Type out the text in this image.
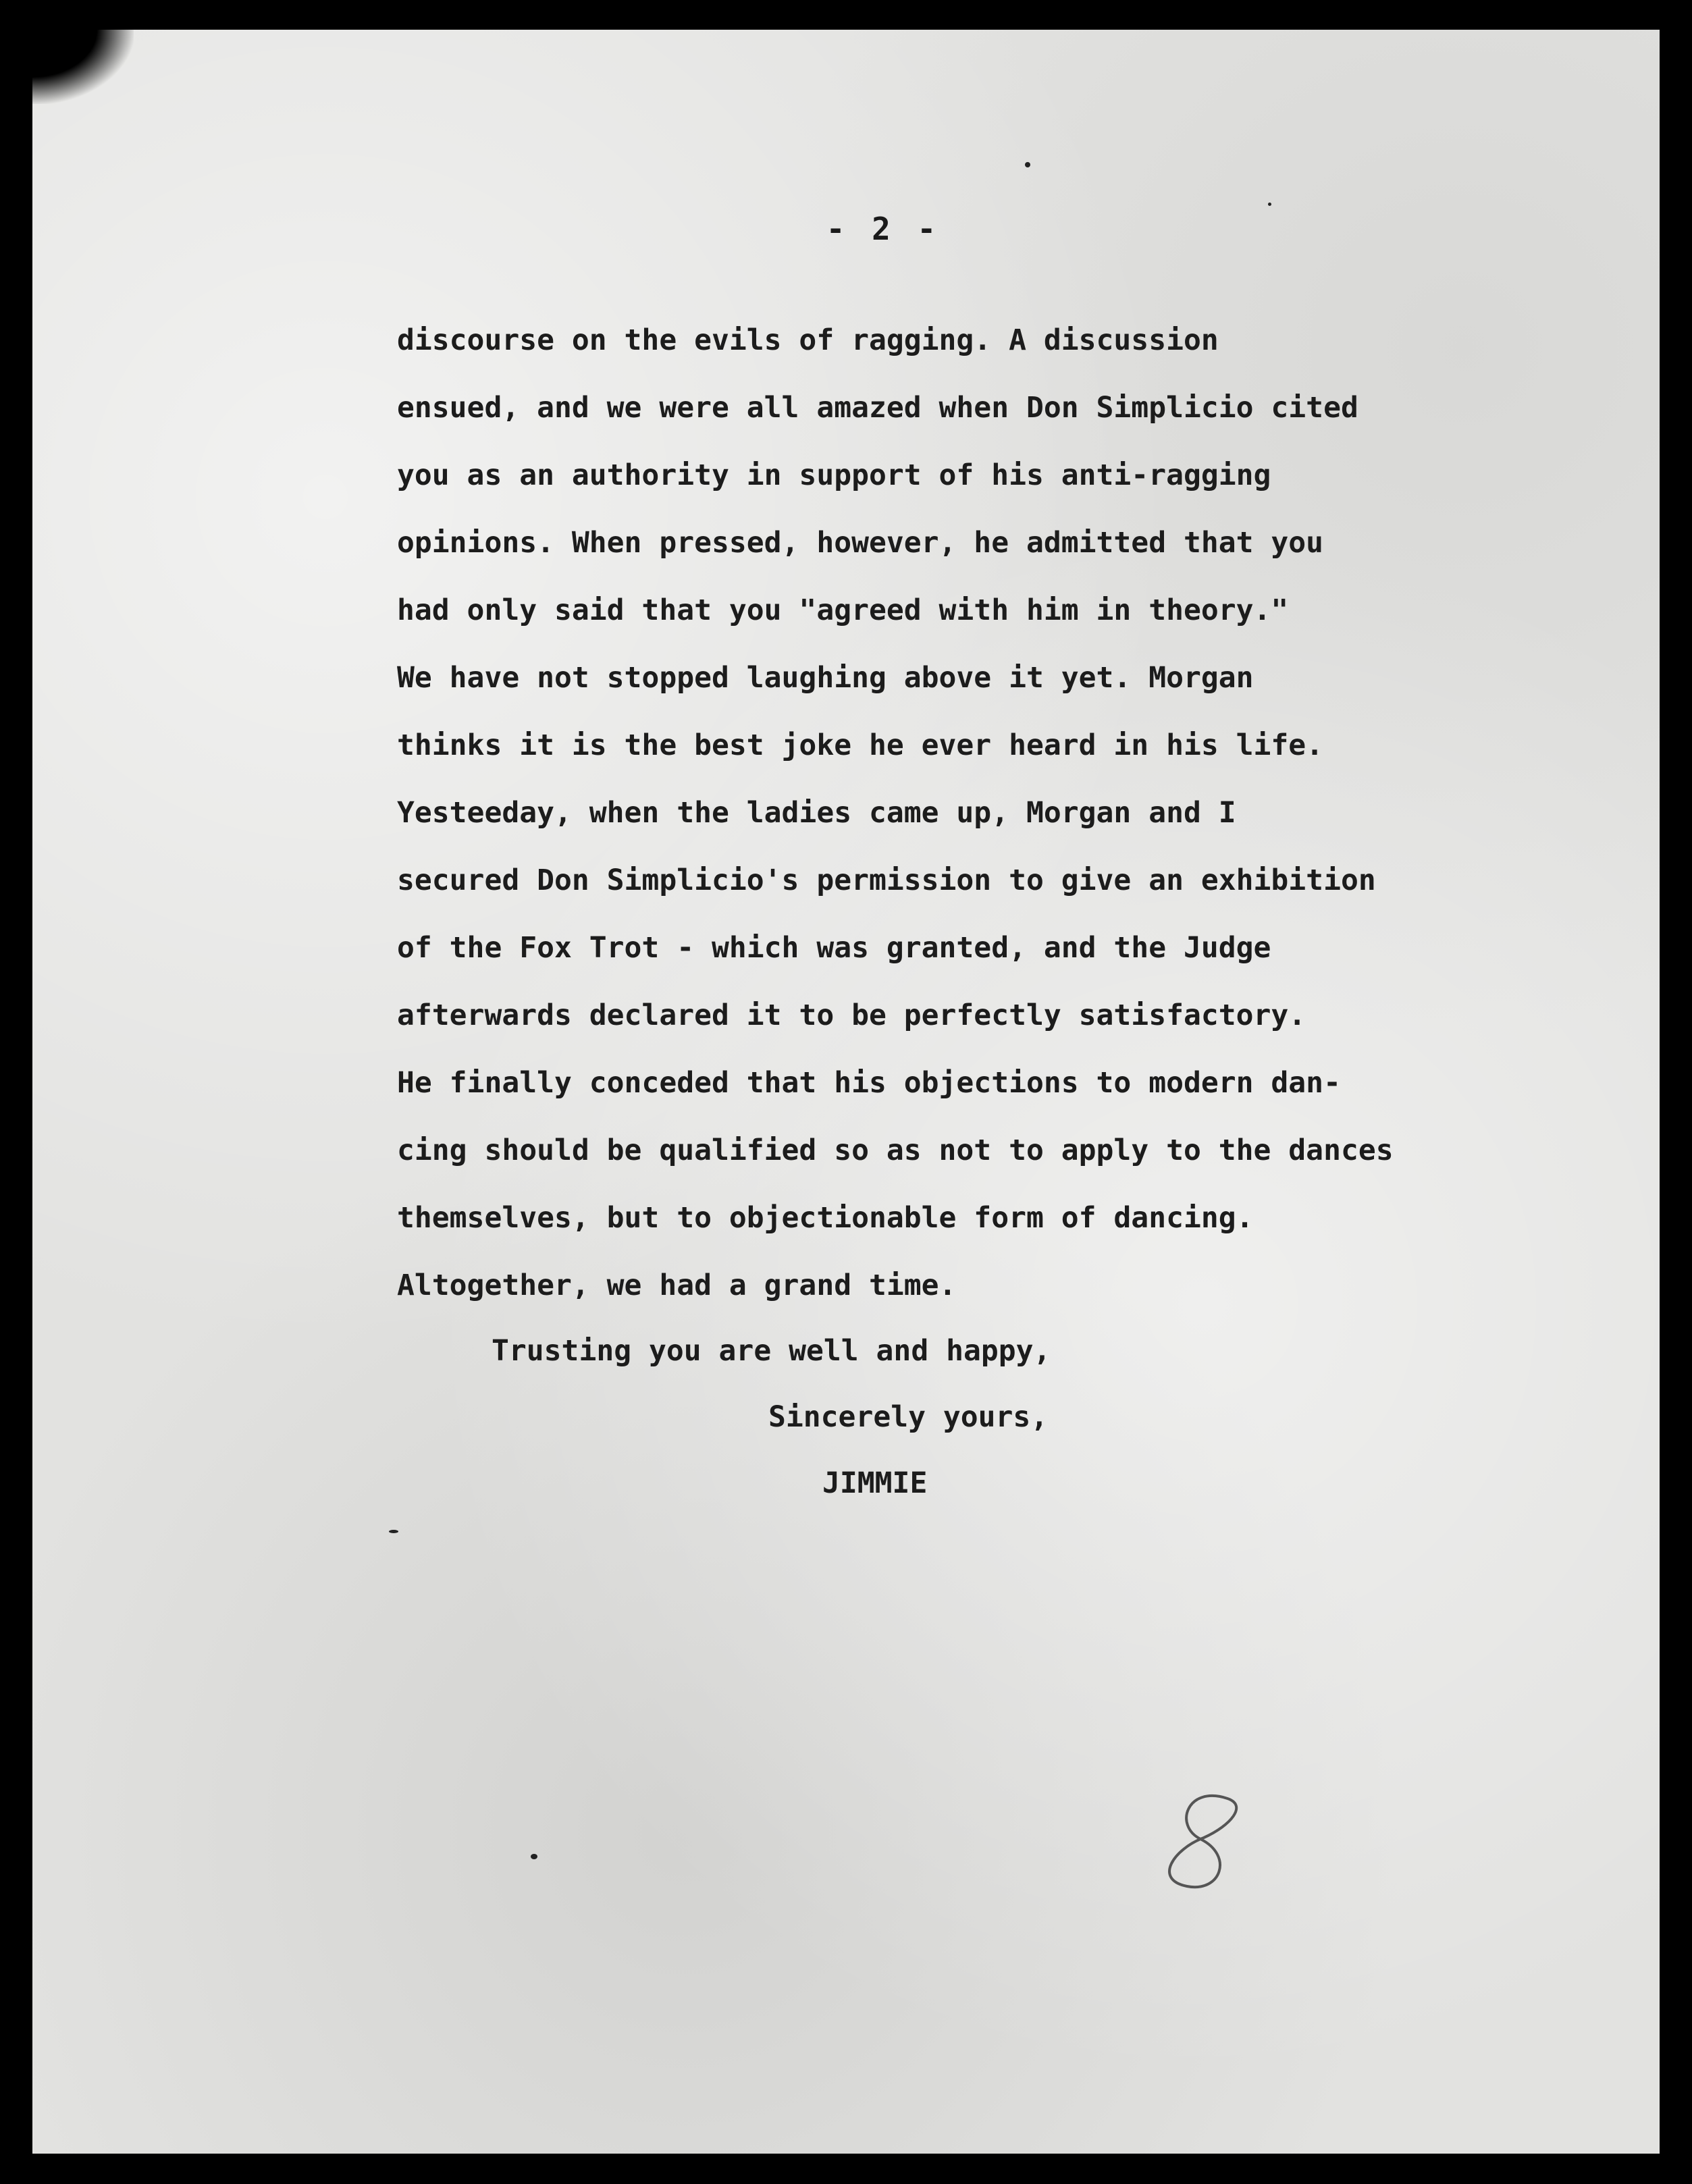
- 2 -
discourse on the evils of ragging. A discussion
ensued, and we were all amazed when Don Simplicio cited
you as an authority in support of his anti-ragging
opinions. When pressed, however, he admitted that you
had only said that you "agreed with him in theory."
We have not stopped laughing above it yet. Morgan
thinks it is the best joke he ever heard in his life.
Yesteeday, when the ladies came up, Morgan and I
secured Don Simplicio's permission to give an exhibition
of the Fox Trot - which was granted, and the Judge
afterwards declared it to be perfectly satisfactory.
He finally conceded that his objections to modern dan-
cing should be qualified so as not to apply to the dances
themselves, but to objectionable form of dancing.
Altogether, we had a grand time.
Trusting you are well and happy,
Sincerely yours,
JIMMIE
